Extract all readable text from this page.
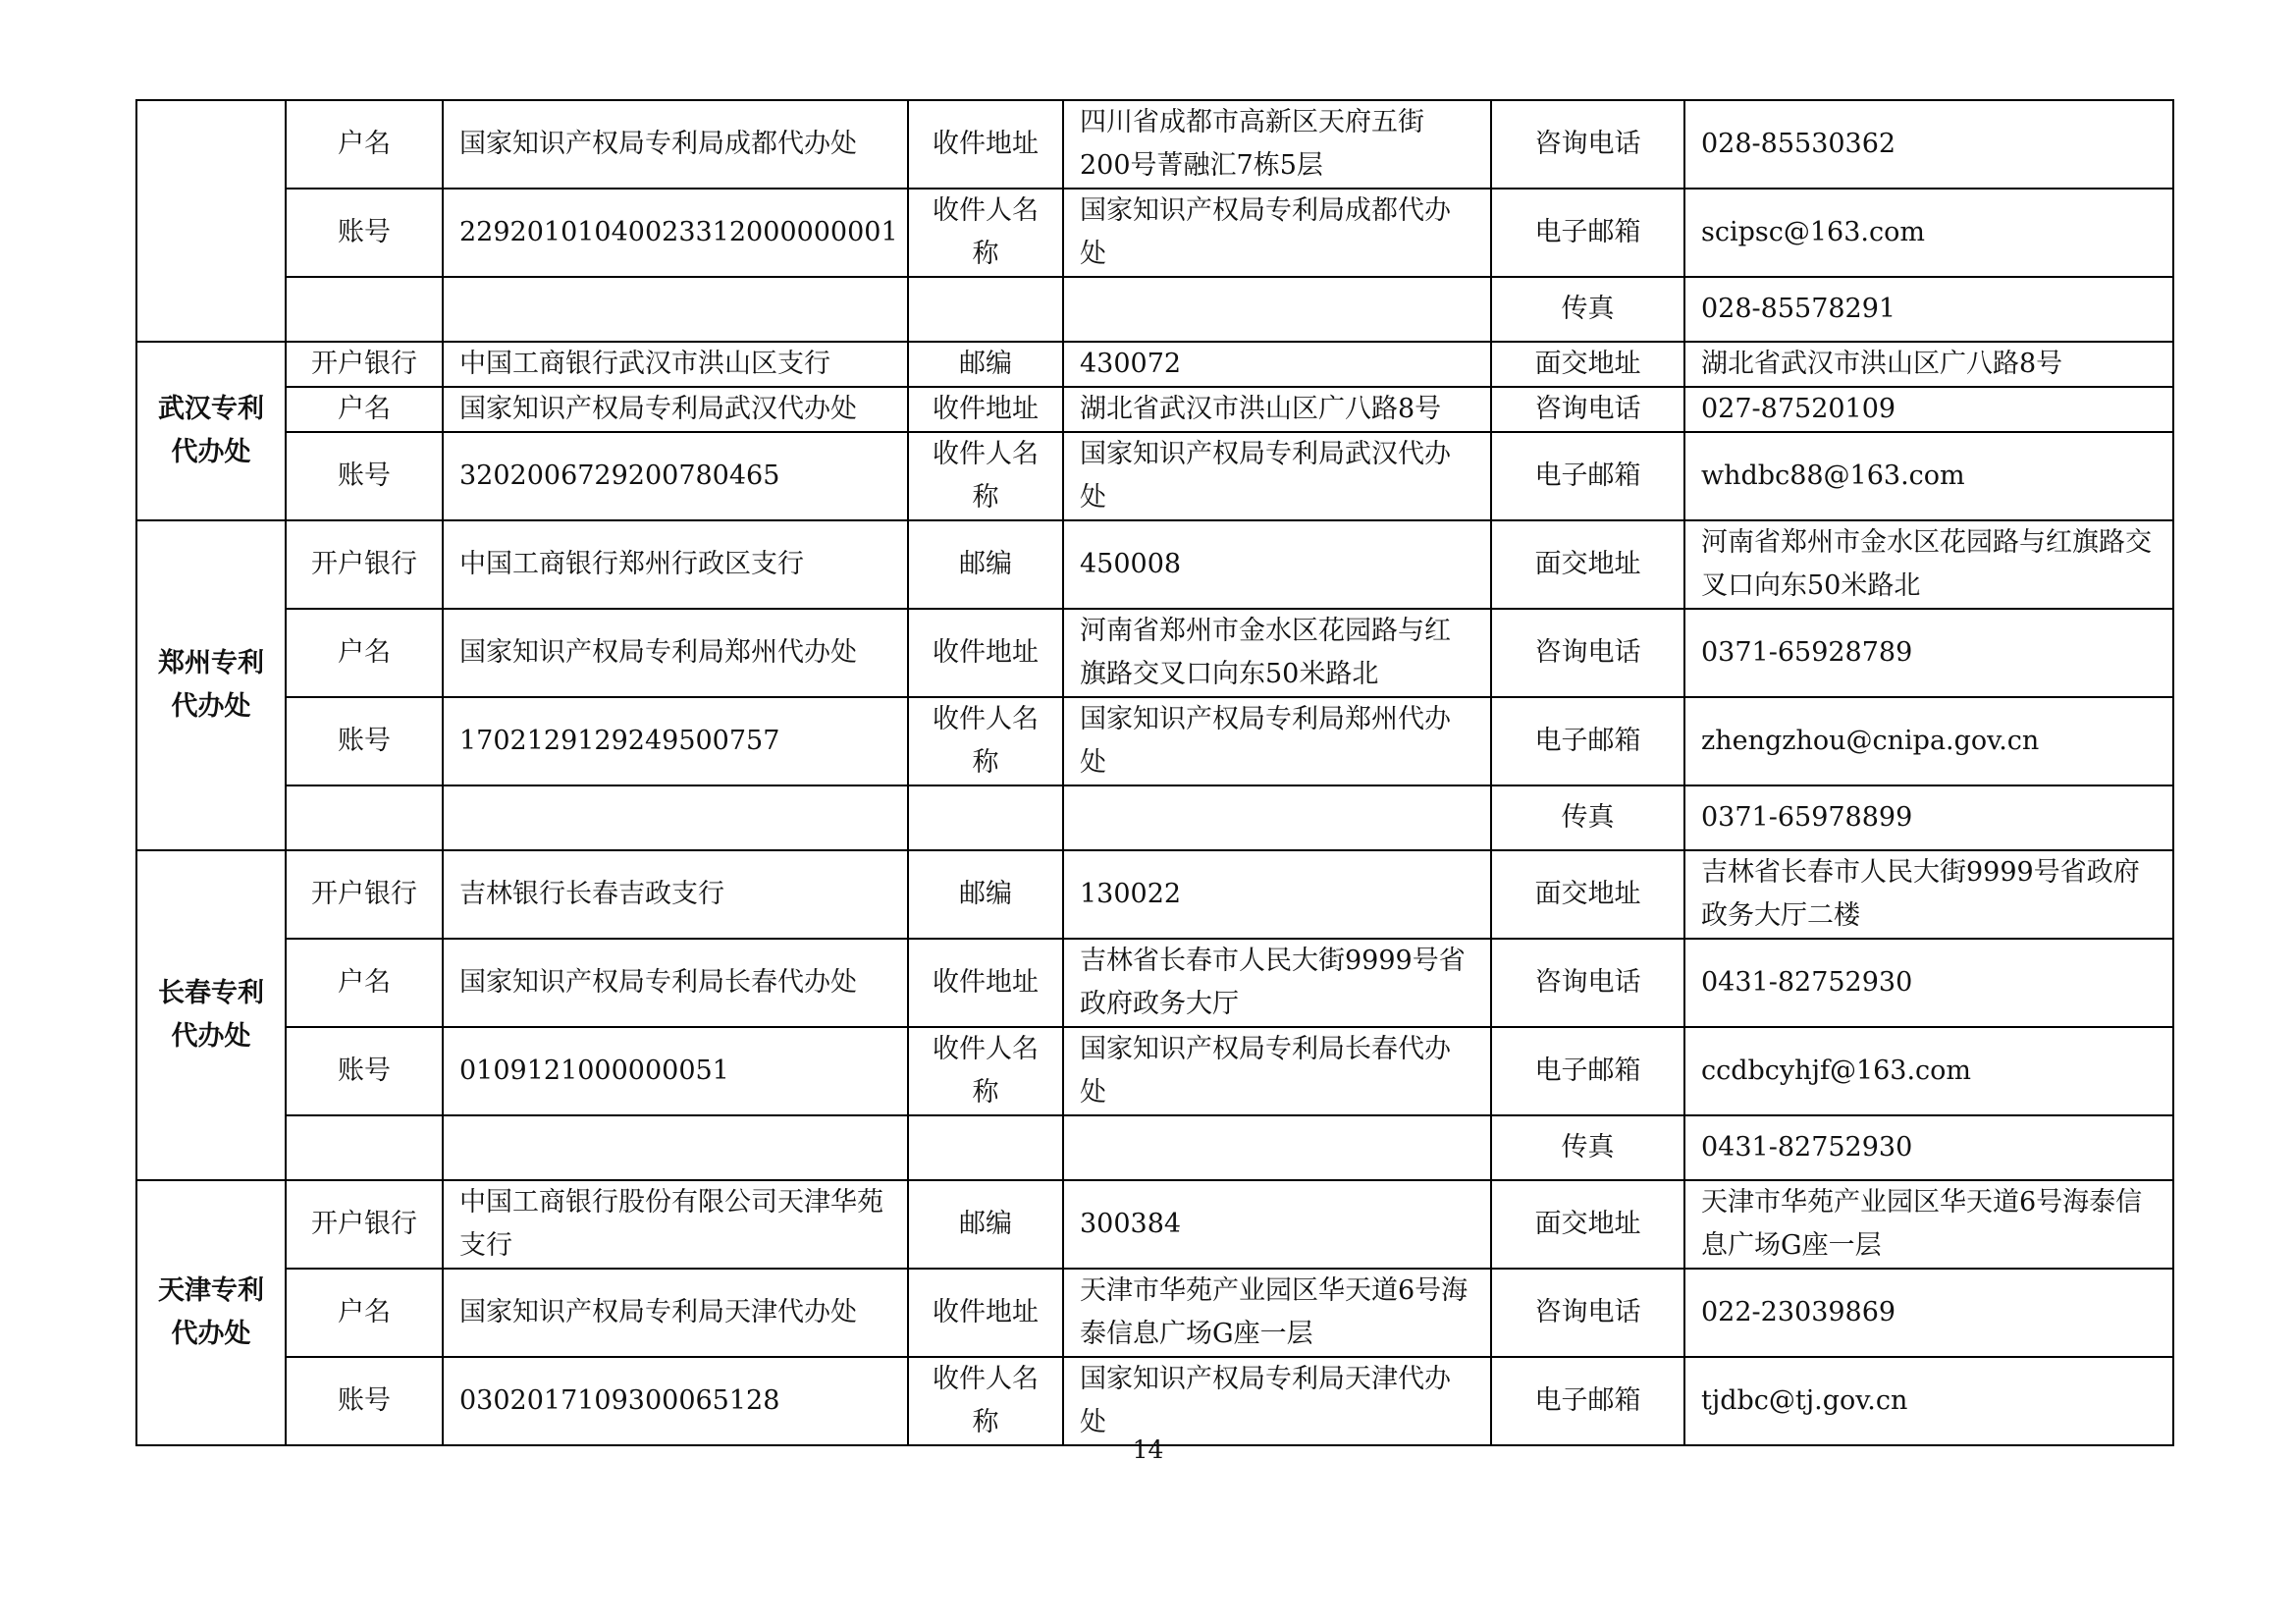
	户名	国家知识产权局专利局成都代办处	收件地址	四川省成都市高新区天府五街200号菁融汇7栋5层	咨询电话	028-85530362
	账号	22920101040023312000000001	收件人名称	国家知识产权局专利局成都代办处	电子邮箱	scipsc@163.com
					传真	028-85578291
武汉专利代办处	开户银行	中国工商银行武汉市洪山区支行	邮编	430072	面交地址	湖北省武汉市洪山区广八路8号
	户名	国家知识产权局专利局武汉代办处	收件地址	湖北省武汉市洪山区广八路8号	咨询电话	027-87520109
	账号	3202006729200780465	收件人名称	国家知识产权局专利局武汉代办处	电子邮箱	whdbc88@163.com
郑州专利代办处	开户银行	中国工商银行郑州行政区支行	邮编	450008	面交地址	河南省郑州市金水区花园路与红旗路交叉口向东50米路北
	户名	国家知识产权局专利局郑州代办处	收件地址	河南省郑州市金水区花园路与红旗路交叉口向东50米路北	咨询电话	0371-65928789
	账号	1702129129249500757	收件人名称	国家知识产权局专利局郑州代办处	电子邮箱	zhengzhou@cnipa.gov.cn
					传真	0371-65978899
长春专利代办处	开户银行	吉林银行长春吉政支行	邮编	130022	面交地址	吉林省长春市人民大街9999号省政府政务大厅二楼
	户名	国家知识产权局专利局长春代办处	收件地址	吉林省长春市人民大街9999号省政府政务大厅	咨询电话	0431-82752930
	账号	0109121000000051	收件人名称	国家知识产权局专利局长春代办处	电子邮箱	ccdbcyhjf@163.com
					传真	0431-82752930
天津专利代办处	开户银行	中国工商银行股份有限公司天津华苑支行	邮编	300384	面交地址	天津市华苑产业园区华天道6号海泰信息广场G座一层
	户名	国家知识产权局专利局天津代办处	收件地址	天津市华苑产业园区华天道6号海泰信息广场G座一层	咨询电话	022-23039869
	账号	0302017109300065128	收件人名称	国家知识产权局专利局天津代办处	电子邮箱	tjdbc@tj.gov.cn
14
